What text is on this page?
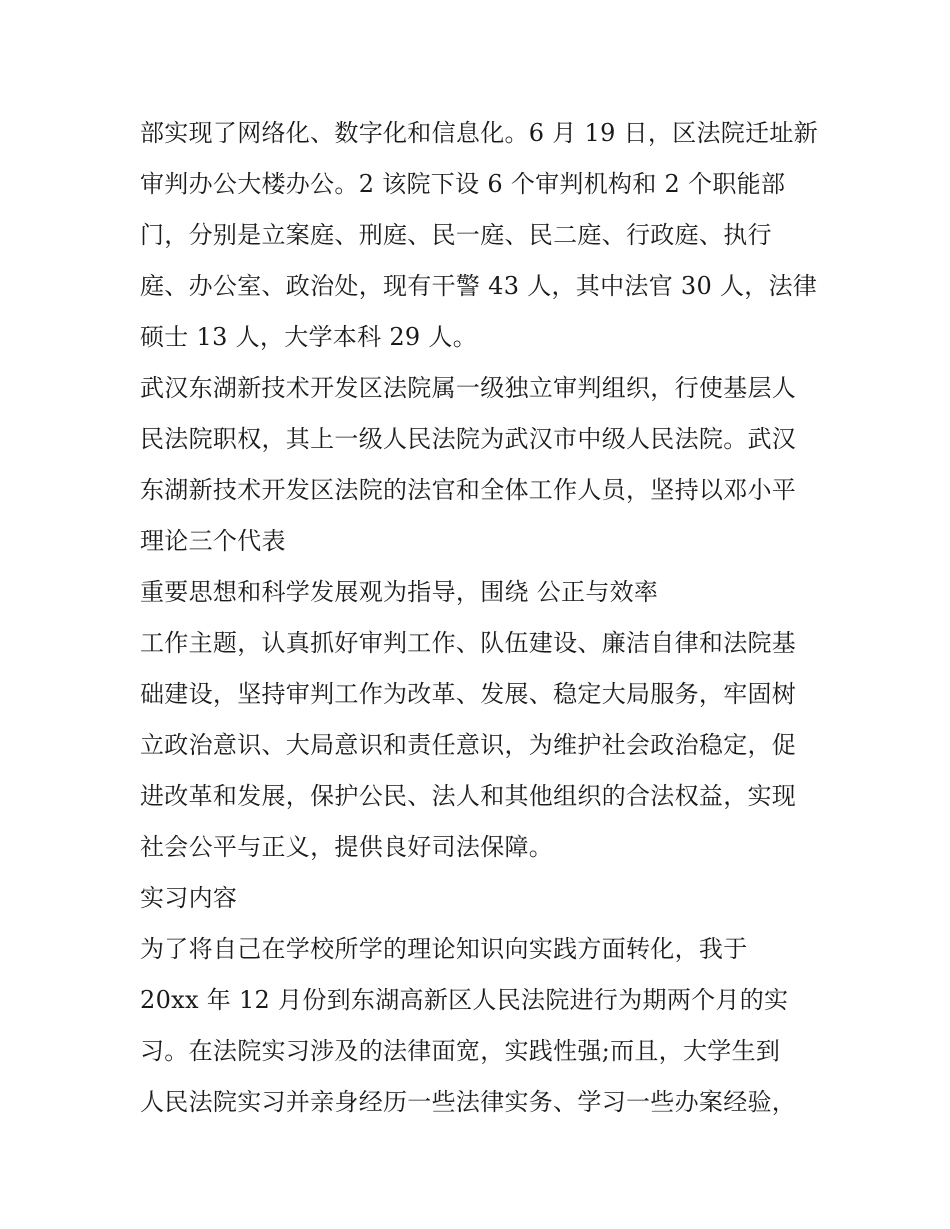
部实现了网络化、数字化和信息化。6 月 19 日，区法院迁址新
审判办公大楼办公。2 该院下设 6 个审判机构和 2 个职能部
门，分别是立案庭、刑庭、民一庭、民二庭、行政庭、执行
庭、办公室、政治处，现有干警 43 人，其中法官 30 人，法律
硕士 13 人，大学本科 29 人。
武汉东湖新技术开发区法院属一级独立审判组织，行使基层人
民法院职权，其上一级人民法院为武汉市中级人民法院。武汉
东湖新技术开发区法院的法官和全体工作人员，坚持以邓小平
理论三个代表
重要思想和科学发展观为指导，围绕 公正与效率
工作主题，认真抓好审判工作、队伍建设、廉洁自律和法院基
础建设，坚持审判工作为改革、发展、稳定大局服务，牢固树
立政治意识、大局意识和责任意识，为维护社会政治稳定，促
进改革和发展，保护公民、法人和其他组织的合法权益，实现
社会公平与正义，提供良好司法保障。
实习内容
为了将自己在学校所学的理论知识向实践方面转化，我于
20xx 年 12 月份到东湖高新区人民法院进行为期两个月的实
习。在法院实习涉及的法律面宽，实践性强;而且，大学生到
人民法院实习并亲身经历一些法律实务、学习一些办案经验，
